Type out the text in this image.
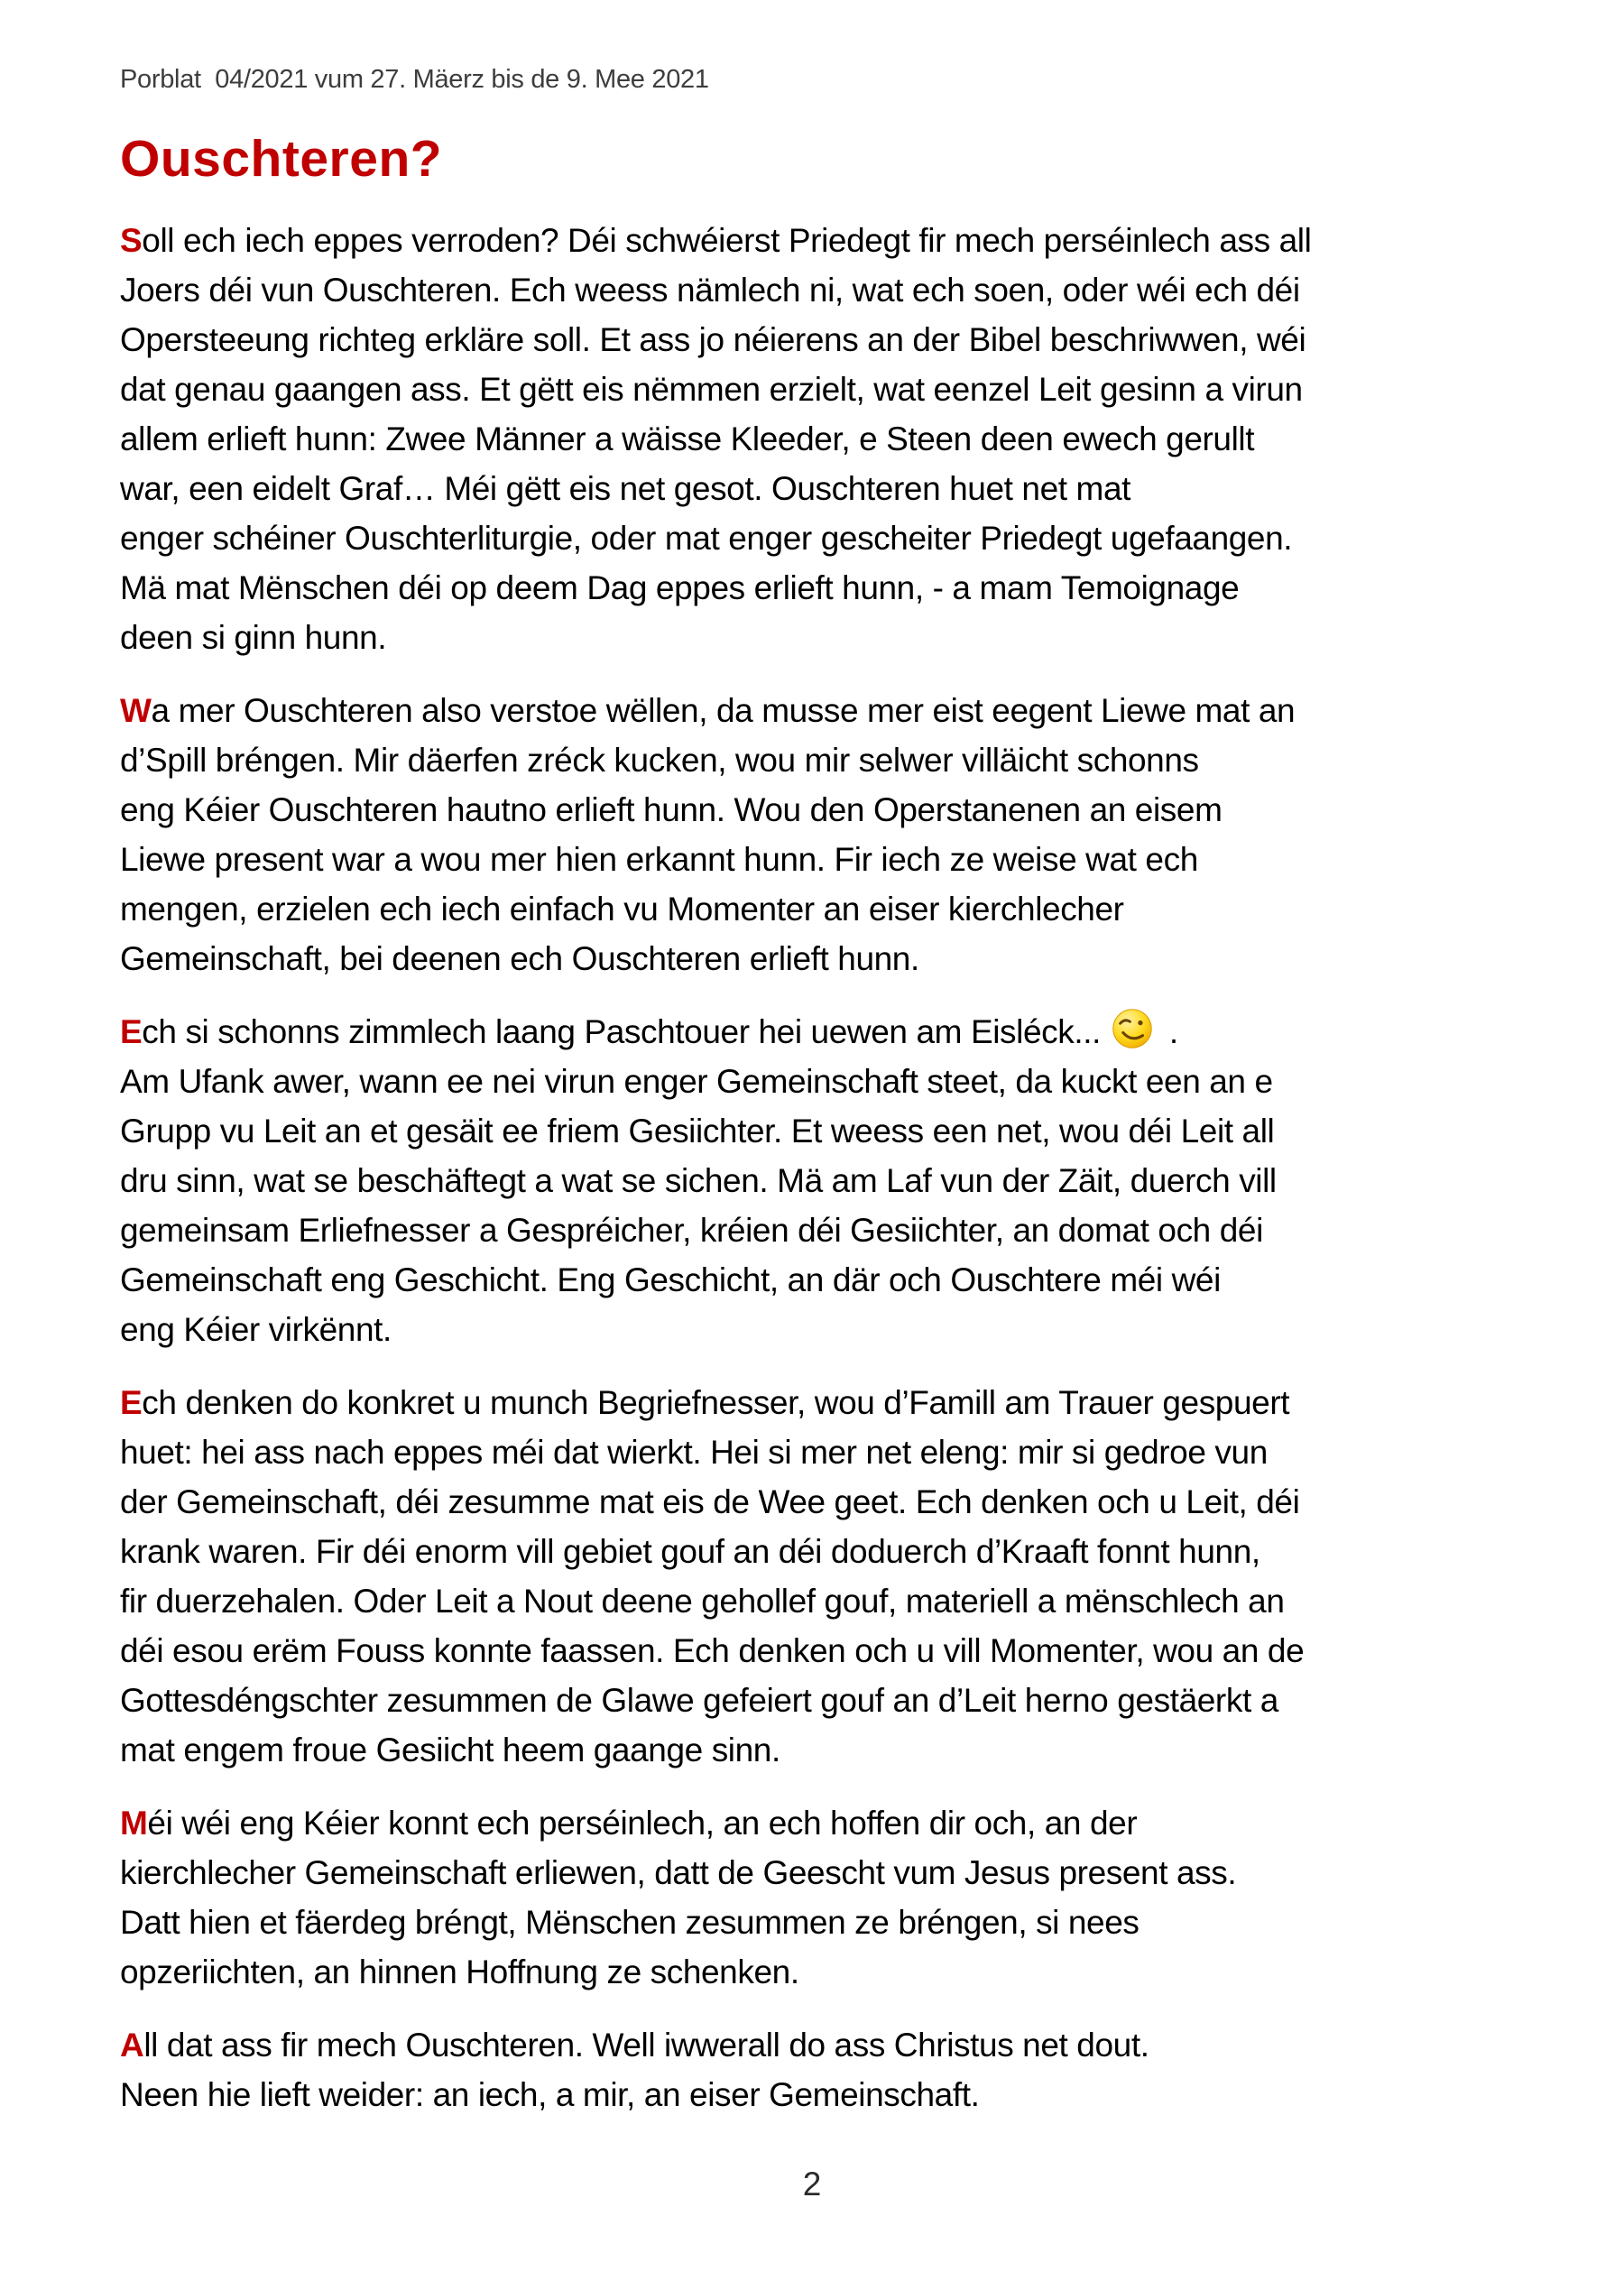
Porblat  04/2021 vum 27. Mäerz bis de 9. Mee 2021
Ouschteren?

Soll ech iech eppes verroden? Déi schwéierst Priedegt fir mech perséinlech ass all
Joers déi vun Ouschteren. Ech weess nämlech ni, wat ech soen, oder wéi ech déi
Opersteeung richteg erkläre soll. Et ass jo néierens an der Bibel beschriwwen, wéi
dat genau gaangen ass. Et gëtt eis nëmmen erzielt, wat eenzel Leit gesinn a virun
allem erlieft hunn: Zwee Männer a wäisse Kleeder, e Steen deen ewech gerullt
war, een eidelt Graf… Méi gëtt eis net gesot. Ouschteren huet net mat
enger schéiner Ouschterliturgie, oder mat enger gescheiter Priedegt ugefaangen.
Mä mat Mënschen déi op deem Dag eppes erlieft hunn, - a mam Temoignage
deen si ginn hunn.

Wa mer Ouschteren also verstoe wëllen, da musse mer eist eegent Liewe mat an
d’Spill bréngen. Mir däerfen zréck kucken, wou mir selwer villäicht schonns
eng Kéier Ouschteren hautno erlieft hunn. Wou den Operstanenen an eisem
Liewe present war a wou mer hien erkannt hunn. Fir iech ze weise wat ech
mengen, erzielen ech iech einfach vu Momenter an eiser kierchlecher
Gemeinschaft, bei deenen ech Ouschteren erlieft hunn.

Ech si schonns zimmlech laang Paschtouer hei uewen am Eisléck... .
Am Ufank awer, wann ee nei virun enger Gemeinschaft steet, da kuckt een an e
Grupp vu Leit an et gesäit ee friem Gesiichter. Et weess een net, wou déi Leit all
dru sinn, wat se beschäftegt a wat se sichen. Mä am Laf vun der Zäit, duerch vill
gemeinsam Erliefnesser a Gespréicher, kréien déi Gesiichter, an domat och déi
Gemeinschaft eng Geschicht. Eng Geschicht, an där och Ouschtere méi wéi
eng Kéier virkënnt.

Ech denken do konkret u munch Begriefnesser, wou d’Famill am Trauer gespuert
huet: hei ass nach eppes méi dat wierkt. Hei si mer net eleng: mir si gedroe vun
der Gemeinschaft, déi zesumme mat eis de Wee geet. Ech denken och u Leit, déi
krank waren. Fir déi enorm vill gebiet gouf an déi doduerch d’Kraaft fonnt hunn,
fir duerzehalen. Oder Leit a Nout deene gehollef gouf, materiell a mënschlech an
déi esou erëm Fouss konnte faassen. Ech denken och u vill Momenter, wou an de
Gottesdéngschter zesummen de Glawe gefeiert gouf an d’Leit herno gestäerkt a
mat engem froue Gesiicht heem gaange sinn.

Méi wéi eng Kéier konnt ech perséinlech, an ech hoffen dir och, an der
kierchlecher Gemeinschaft erliewen, datt de Geescht vum Jesus present ass.
Datt hien et fäerdeg bréngt, Mënschen zesummen ze bréngen, si nees
opzeriichten, an hinnen Hoffnung ze schenken.

All dat ass fir mech Ouschteren. Well iwwerall do ass Christus net dout.
Neen hie lieft weider: an iech, a mir, an eiser Gemeinschaft.

2
